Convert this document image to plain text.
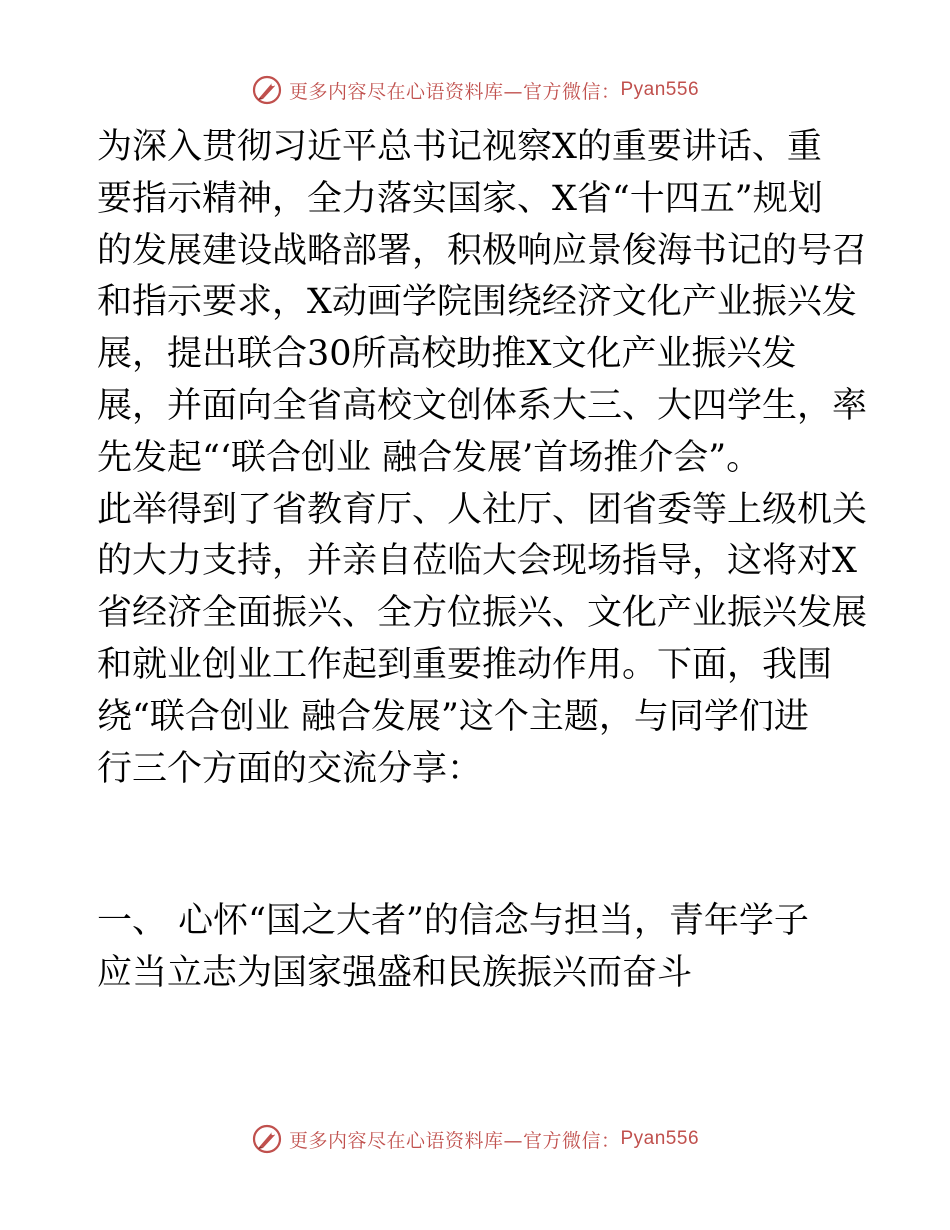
更多内容尽在心语资料库—官方微信： Pyan556
为深入贯彻习近平总书记视察X的重要讲话、重
要指示精神，全力落实国家、X省“十四五”规划
的发展建设战略部署，积极响应景俊海书记的号召
和指示要求，X动画学院围绕经济文化产业振兴发
展，提出联合30所高校助推X文化产业振兴发
展，并面向全省高校文创体系大三、大四学生，率
先发起“‘联合创业 融合发展’首场推介会”。
此举得到了省教育厅、人社厅、团省委等上级机关
的大力支持，并亲自莅临大会现场指导，这将对X
省经济全面振兴、全方位振兴、文化产业振兴发展
和就业创业工作起到重要推动作用。下面，我围
绕“联合创业 融合发展”这个主题，与同学们进
行三个方面的交流分享：
一、 心怀“国之大者”的信念与担当，青年学子
应当立志为国家强盛和民族振兴而奋斗
更多内容尽在心语资料库—官方微信： Pyan556
